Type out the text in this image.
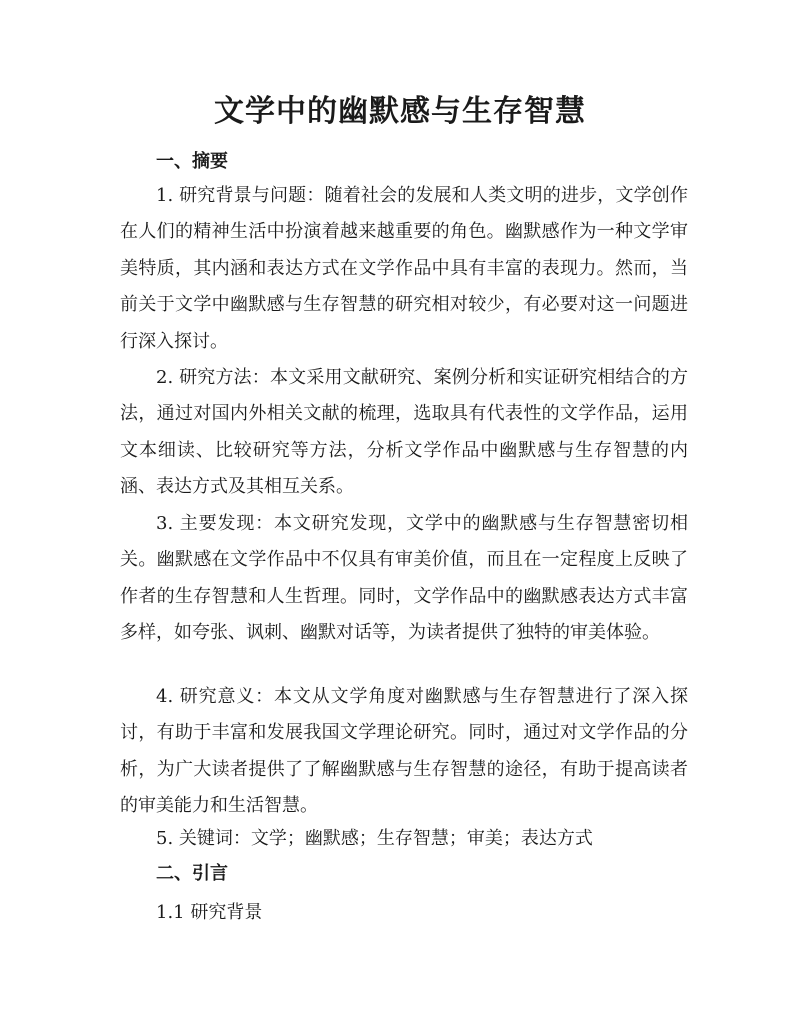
文学中的幽默感与生存智慧
一、摘要

1. 研究背景与问题：随着社会的发展和人类文明的进步，文学创作在人们的精神生活中扮演着越来越重要的角色。幽默感作为一种文学审美特质，其内涵和表达方式在文学作品中具有丰富的表现力。然而，当前关于文学中幽默感与生存智慧的研究相对较少，有必要对这一问题进行深入探讨。

2. 研究方法：本文采用文献研究、案例分析和实证研究相结合的方法，通过对国内外相关文献的梳理，选取具有代表性的文学作品，运用文本细读、比较研究等方法，分析文学作品中幽默感与生存智慧的内涵、表达方式及其相互关系。

3. 主要发现：本文研究发现，文学中的幽默感与生存智慧密切相关。幽默感在文学作品中不仅具有审美价值，而且在一定程度上反映了作者的生存智慧和人生哲理。同时，文学作品中的幽默感表达方式丰富多样，如夸张、讽刺、幽默对话等，为读者提供了独特的审美体验。

4. 研究意义：本文从文学角度对幽默感与生存智慧进行了深入探讨，有助于丰富和发展我国文学理论研究。同时，通过对文学作品的分析，为广大读者提供了了解幽默感与生存智慧的途径，有助于提高读者的审美能力和生活智慧。

5. 关键词：文学；幽默感；生存智慧；审美；表达方式
二、引言
1.1 研究背景
